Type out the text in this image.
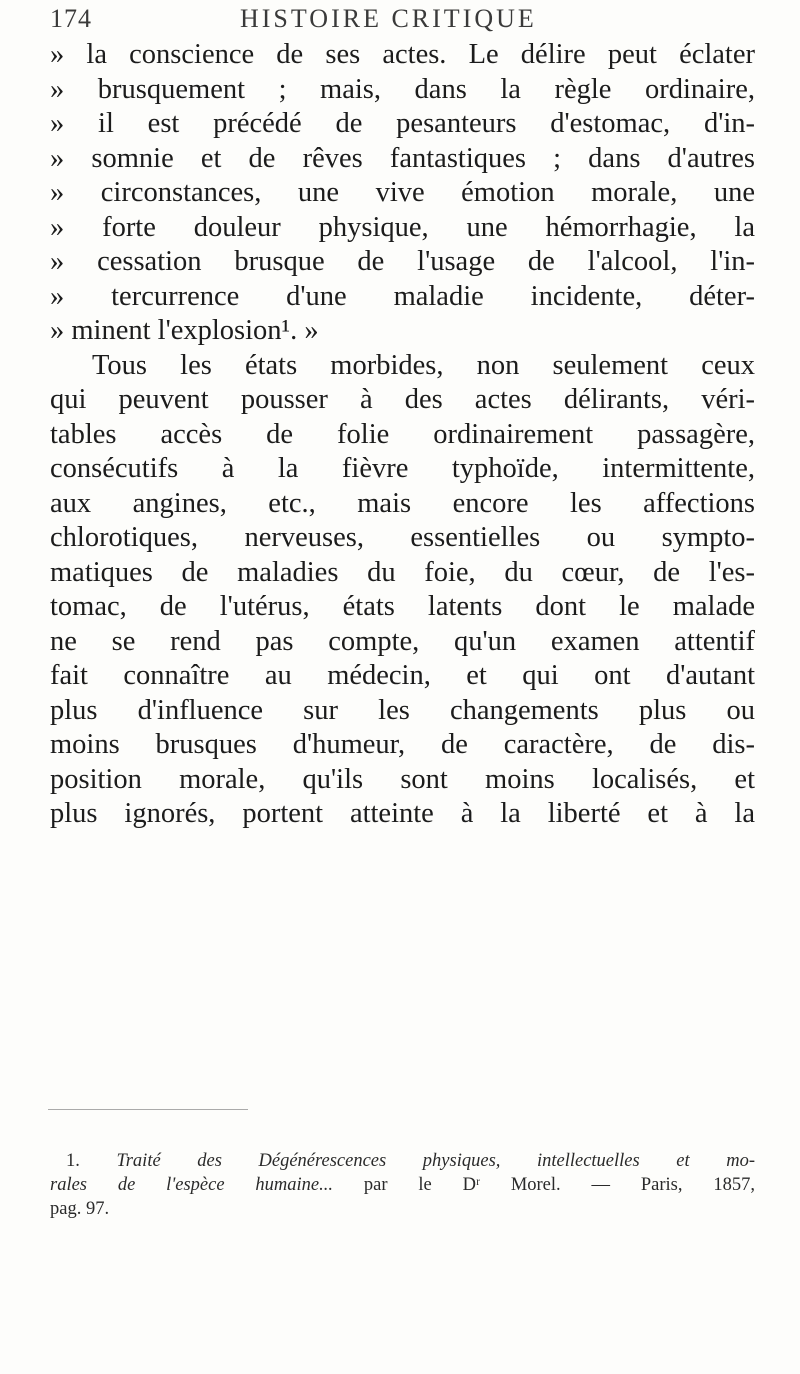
174	HISTOIRE CRITIQUE
» la conscience de ses actes. Le délire peut éclater
» brusquement ; mais, dans la règle ordinaire,
» il est précédé de pesanteurs d'estomac, d'in-
» somnie et de rêves fantastiques ; dans d'autres
» circonstances, une vive émotion morale, une
» forte douleur physique, une hémorrhagie, la
» cessation brusque de l'usage de l'alcool, l'in-
» tercurrence d'une maladie incidente, déter-
» minent l'explosion¹. »
Tous les états morbides, non seulement ceux
qui peuvent pousser à des actes délirants, véri-
tables accès de folie ordinairement passagère,
consécutifs à la fièvre typhoïde, intermittente,
aux angines, etc., mais encore les affections
chlorotiques, nerveuses, essentielles ou sympto-
matiques de maladies du foie, du cœur, de l'es-
tomac, de l'utérus, états latents dont le malade
ne se rend pas compte, qu'un examen attentif
fait connaître au médecin, et qui ont d'autant
plus d'influence sur les changements plus ou
moins brusques d'humeur, de caractère, de dis-
position morale, qu'ils sont moins localisés, et
plus ignorés, portent atteinte à la liberté et à la
1. Traité des Dégénérescences physiques, intellectuelles et mo-
rales de l'espèce humaine... par le Dʳ Morel. — Paris, 1857,
pag. 97.
